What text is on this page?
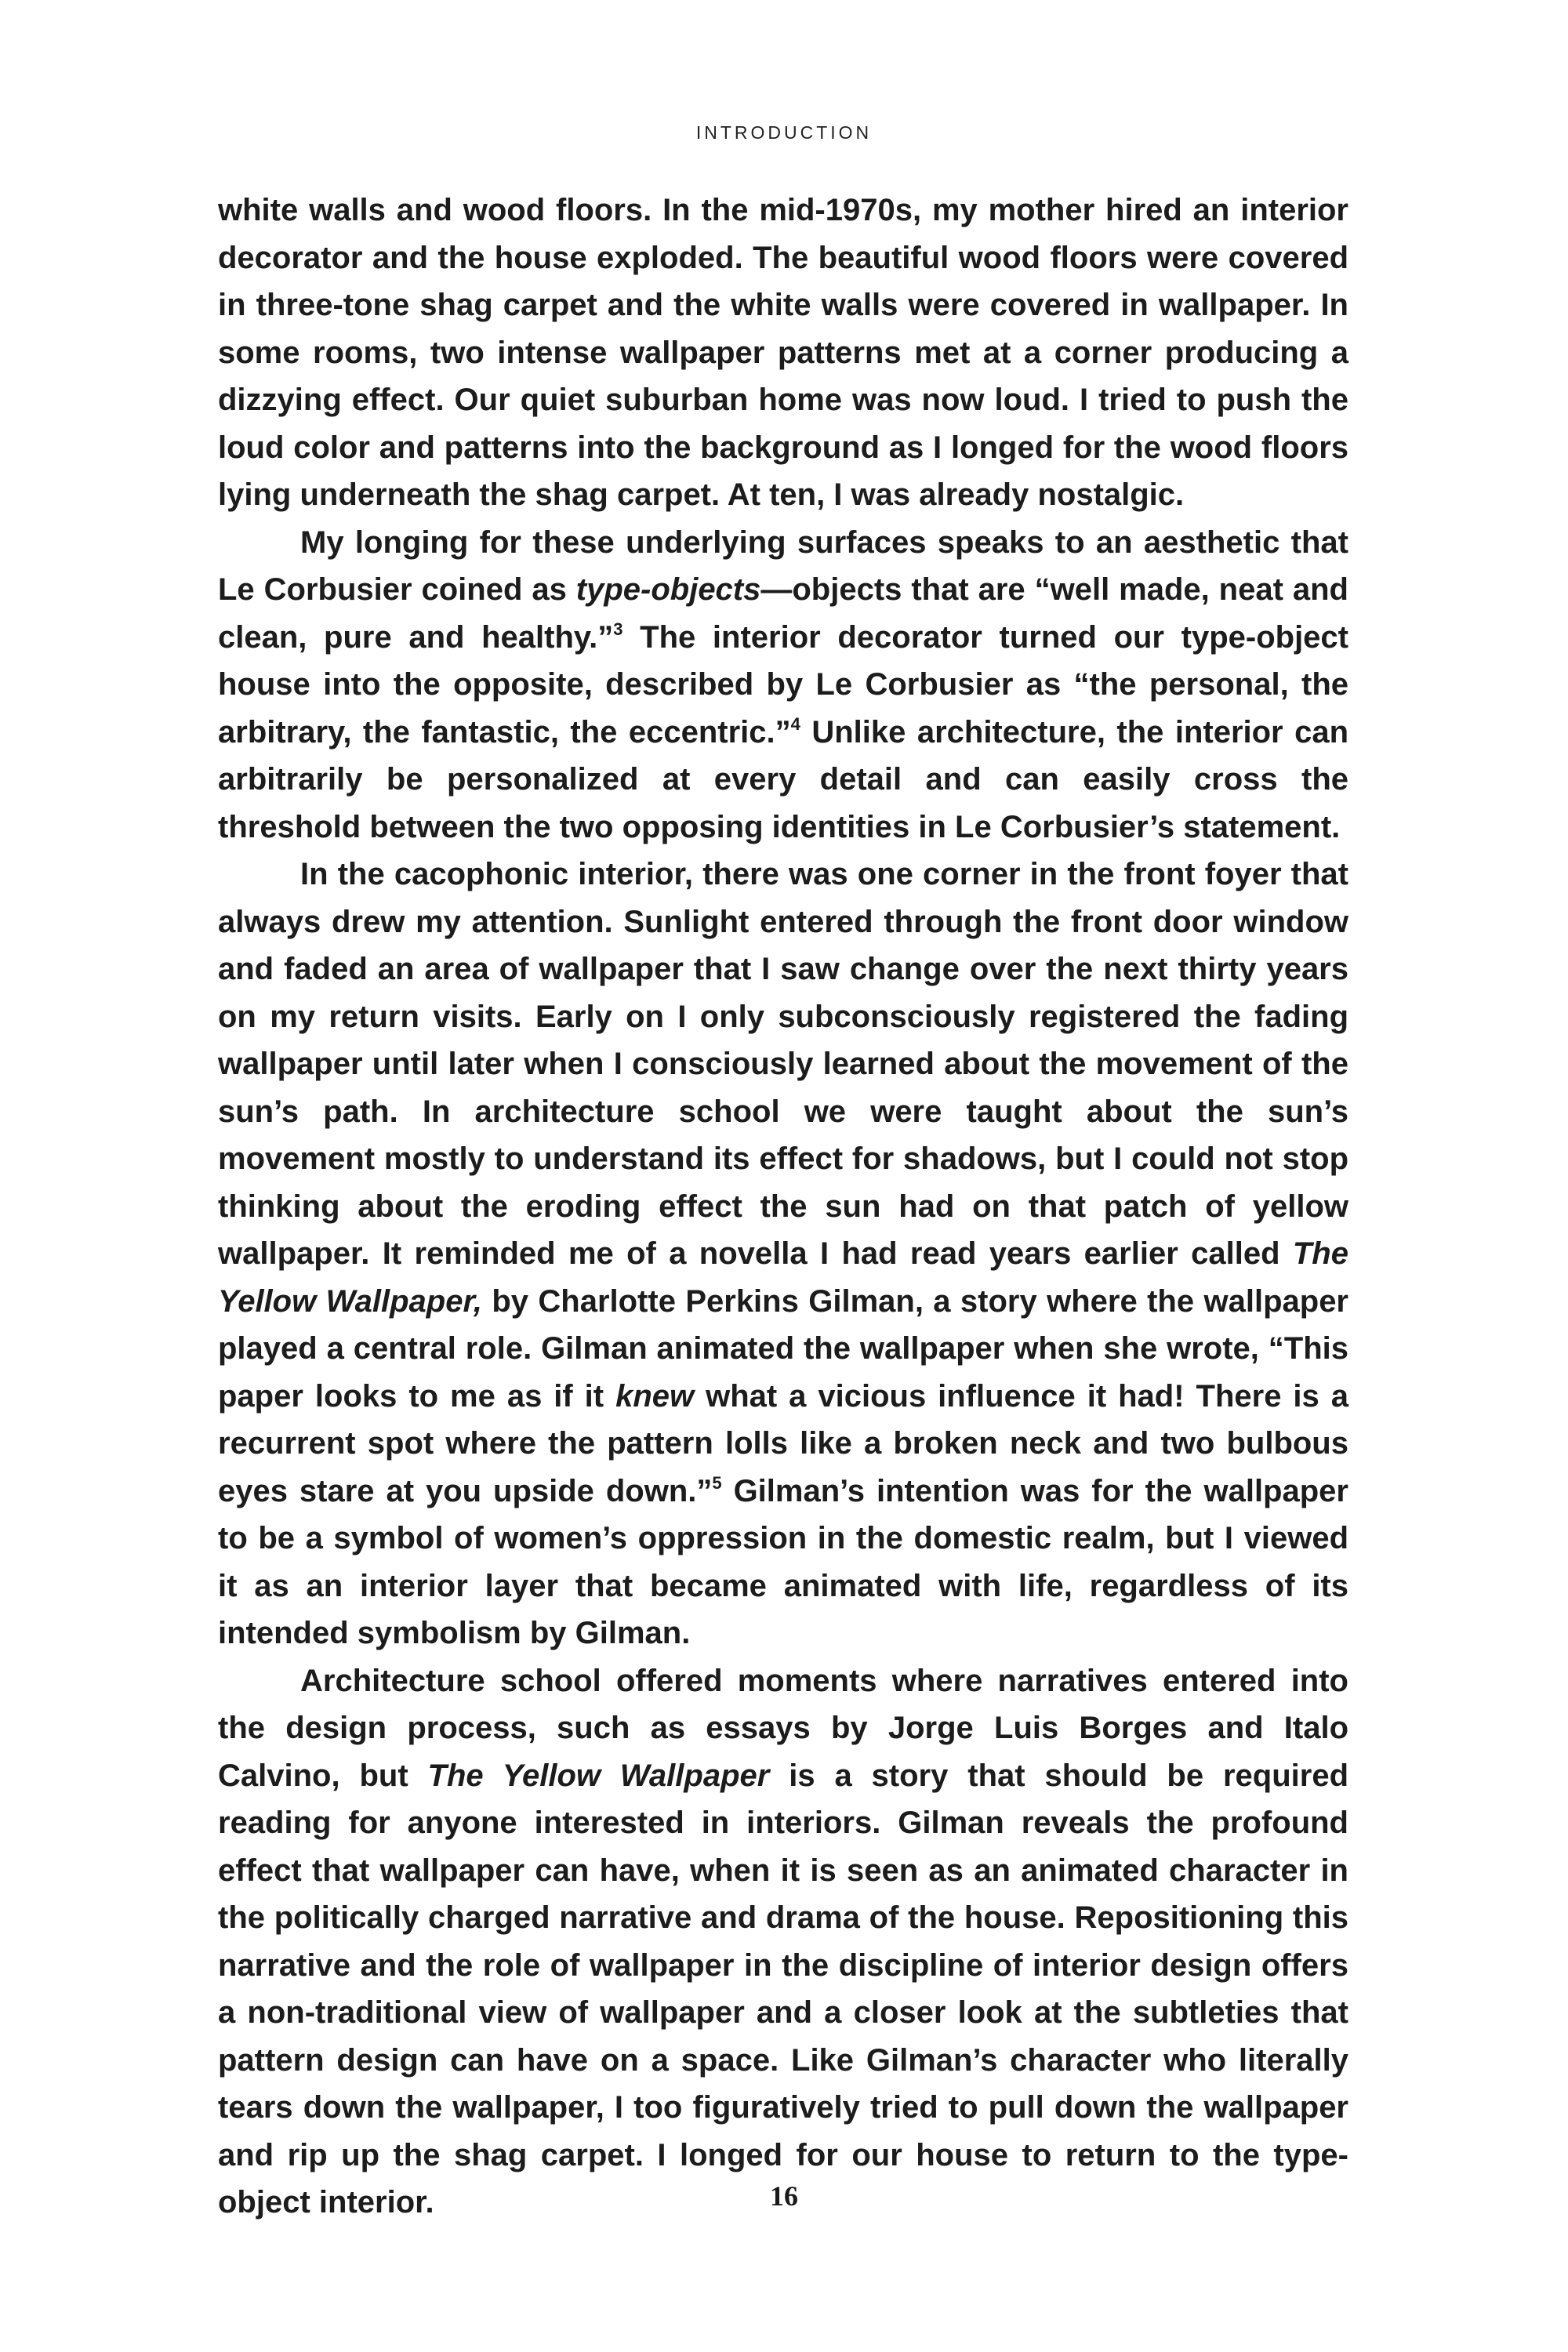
INTRODUCTION

white walls and wood floors. In the mid-1970s, my mother hired an interior decorator and the house exploded. The beautiful wood floors were covered in three-tone shag carpet and the white walls were covered in wallpaper. In some rooms, two intense wallpaper patterns met at a corner producing a dizzying effect. Our quiet suburban home was now loud. I tried to push the loud color and patterns into the background as I longed for the wood floors lying underneath the shag carpet. At ten, I was already nostalgic.

My longing for these underlying surfaces speaks to an aesthetic that Le Corbusier coined as type-objects—objects that are “well made, neat and clean, pure and healthy.”$^3$ The interior decorator turned our type-object house into the opposite, described by Le Corbusier as “the personal, the arbitrary, the fantastic, the eccentric.”$^4$ Unlike architecture, the interior can arbitrarily be personalized at every detail and can easily cross the threshold between the two opposing identities in Le Corbusier’s statement.

In the cacophonic interior, there was one corner in the front foyer that always drew my attention. Sunlight entered through the front door window and faded an area of wallpaper that I saw change over the next thirty years on my return visits. Early on I only subconsciously registered the fading wallpaper until later when I consciously learned about the movement of the sun’s path. In architecture school we were taught about the sun’s movement mostly to understand its effect for shadows, but I could not stop thinking about the eroding effect the sun had on that patch of yellow wallpaper. It reminded me of a novella I had read years earlier called The Yellow Wallpaper, by Charlotte Perkins Gilman, a story where the wallpaper played a central role. Gilman animated the wallpaper when she wrote, “This paper looks to me as if it knew what a vicious influence it had! There is a recurrent spot where the pattern lolls like a broken neck and two bulbous eyes stare at you upside down.”$^5$ Gilman’s intention was for the wallpaper to be a symbol of women’s oppression in the domestic realm, but I viewed it as an interior layer that became animated with life, regardless of its intended symbolism by Gilman.

Architecture school offered moments where narratives entered into the design process, such as essays by Jorge Luis Borges and Italo Calvino, but The Yellow Wallpaper is a story that should be required reading for anyone interested in interiors. Gilman reveals the profound effect that wallpaper can have, when it is seen as an animated character in the politically charged narrative and drama of the house. Repositioning this narrative and the role of wallpaper in the discipline of interior design offers a non-traditional view of wallpaper and a closer look at the subtleties that pattern design can have on a space. Like Gilman’s character who literally tears down the wallpaper, I too figuratively tried to pull down the wallpaper and rip up the shag carpet. I longed for our house to return to the type-object interior.	16
